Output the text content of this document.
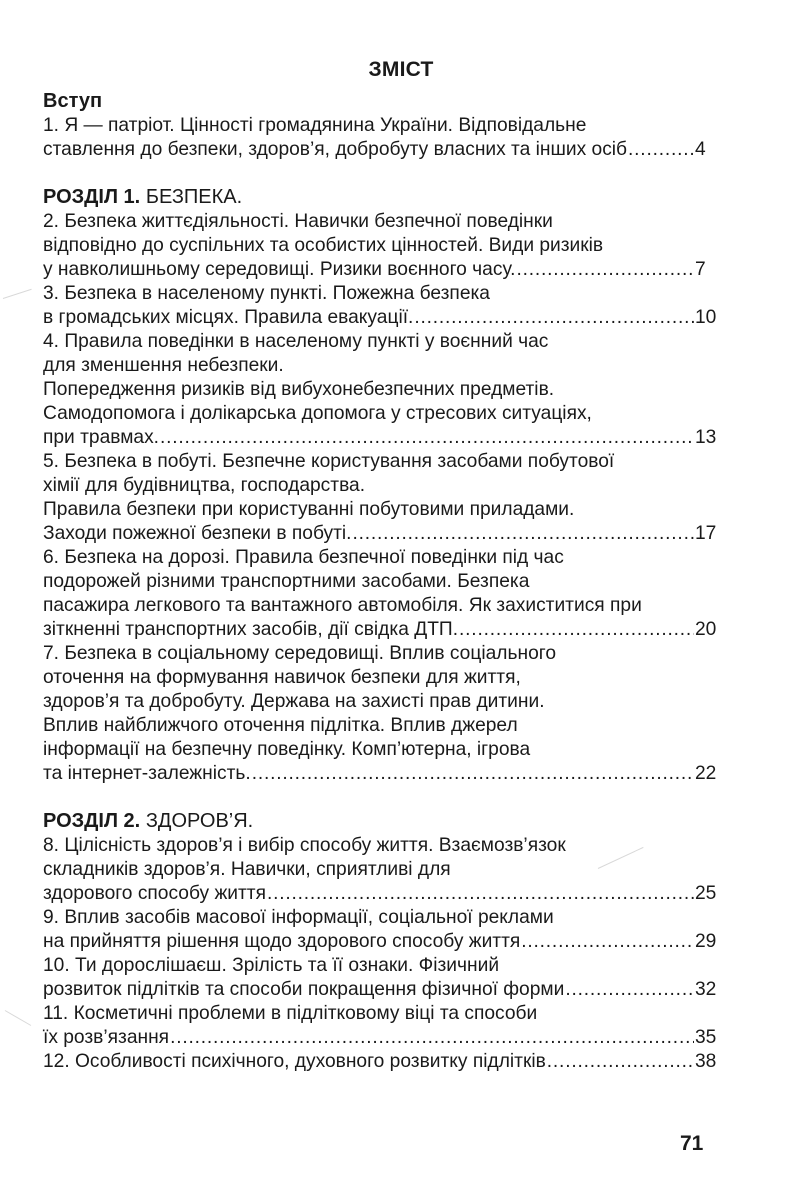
ЗМІСТ
Вступ
1. Я — патріот. Цінності громадянина України. Відповідальне
ставлення до безпеки, здоров’я, добробуту власних та інших осіб .....	4
РОЗДІЛ 1. БЕЗПЕКА.
2. Безпека життєдіяльності. Навички безпечної поведінки
відповідно до суспільних та особистих цінностей. Види ризиків
у навколишньому середовищі. Ризики воєнного часу. .....	7
3. Безпека в населеному пункті. Пожежна безпека
в громадських місцях. Правила евакуації. .....	10
4. Правила поведінки в населеному пункті у воєнний час
для зменшення небезпеки.
Попередження ризиків від вибухонебезпечних предметів.
Самодопомога і долікарська допомога у стресових ситуаціях,
при травмах. .....	13
5. Безпека в побуті. Безпечне користування засобами побутової
хімії для будівництва, господарства.
Правила безпеки при користуванні побутовими приладами.
Заходи пожежної безпеки в побуті. .....	17
6. Безпека на дорозі. Правила безпечної поведінки під час
подорожей різними транспортними засобами. Безпека
пасажира легкового та вантажного автомобіля. Як захиститися при
зіткненні транспортних засобів, дії свідка ДТП. .....	20
7. Безпека в соціальному середовищі. Вплив соціального
оточення на формування навичок безпеки для життя,
здоров’я та добробуту. Держава на захисті прав дитини.
Вплив найближчого оточення підлітка. Вплив джерел
інформації на безпечну поведінку. Комп’ютерна, ігрова
та інтернет-залежність. .....	22
РОЗДІЛ 2. ЗДОРОВ’Я.
8. Цілісність здоров’я і вибір способу життя. Взаємозв’язок
складників здоров’я. Навички, сприятливі для
здорового способу життя .....	25
9. Вплив засобів масової інформації, соціальної реклами
на прийняття рішення щодо здорового способу життя .....	29
10. Ти дорослішаєш. Зрілість та її ознаки. Фізичний
розвиток підлітків та способи покращення фізичної форми .....	32
11. Косметичні проблеми в підлітковому віці та способи
їх розв’язання .....	35
12. Особливості психічного, духовного розвитку підлітків .....	38
71
